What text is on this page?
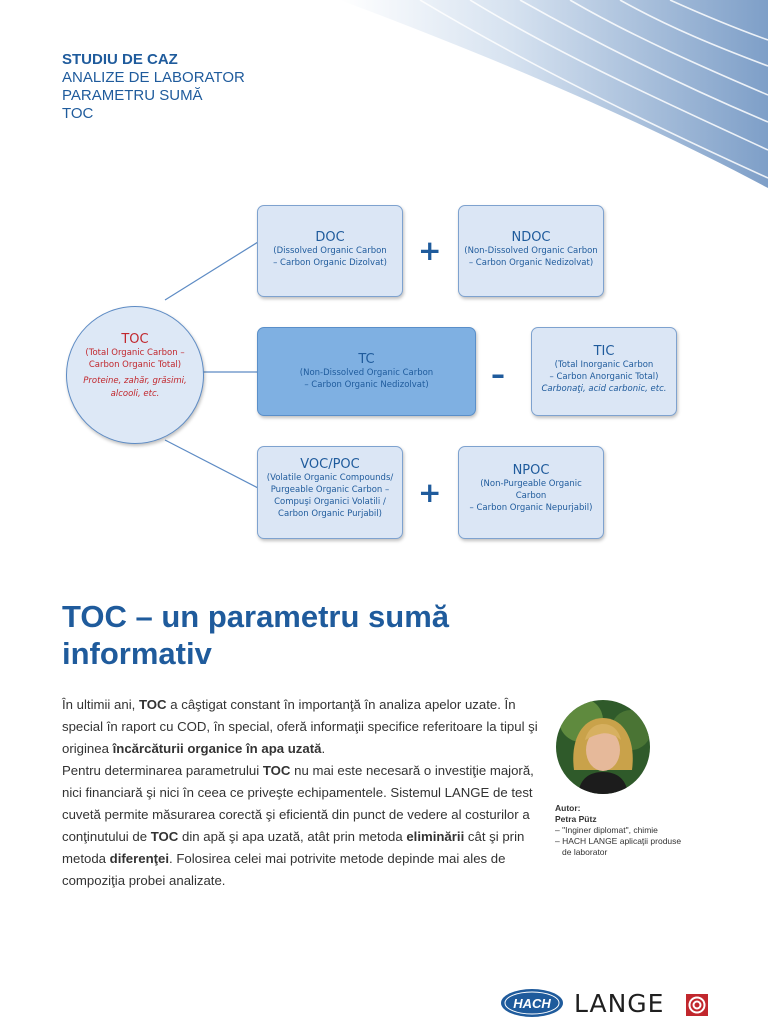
STUDIU DE CAZ
ANALIZE DE LABORATOR
PARAMETRU SUMĂ
TOC
TOC
(Total Organic Carbon –
Carbon Organic Total)
Proteine, zahăr, grăsimi,
alcooli, etc.
DOC
(Dissolved Organic Carbon
– Carbon Organic Dizolvat)	+	NDOC
(Non-Dissolved Organic Carbon
– Carbon Organic Nedizolvat)
TC
(Non-Dissolved Organic Carbon
– Carbon Organic Nedizolvat)	–
TIC
(Total Inorganic Carbon
– Carbon Anorganic Total)
Carbonaţi, acid carbonic, etc.
VOC/POC
(Volatile Organic Compounds/
Purgeable Organic Carbon –
Compuşi Organici Volatili /
Carbon Organic Purjabil)
+
NPOC
(Non-Purgeable Organic
Carbon
– Carbon Organic Nepurjabil)
TOC – un parametru sumă informativ
În ultimii ani, TOC a câştigat constant în importanţă în analiza apelor uzate. În special în raport cu COD, în special, oferă informaţii specifice referitoare la tipul şi originea încărcăturii organice în apa uzată.
Pentru determinarea parametrului TOC nu mai este necesară o investiţie majoră, nici financiară şi nici în ceea ce priveşte echipamentele. Sistemul LANGE de test cuvetă permite măsurarea corectă şi eficientă din punct de vedere al costurilor a conţinutului de TOC din apă şi apa uzată, atât prin metoda eliminării cât şi prin metoda diferenţei. Folosirea celei mai potrivite metode depinde mai ales de compoziţia probei analizate.
Autor:
Petra Pütz
– "Inginer diplomat", chimie
– HACH LANGE aplicaţii produse
de laborator
HACH LANGE
